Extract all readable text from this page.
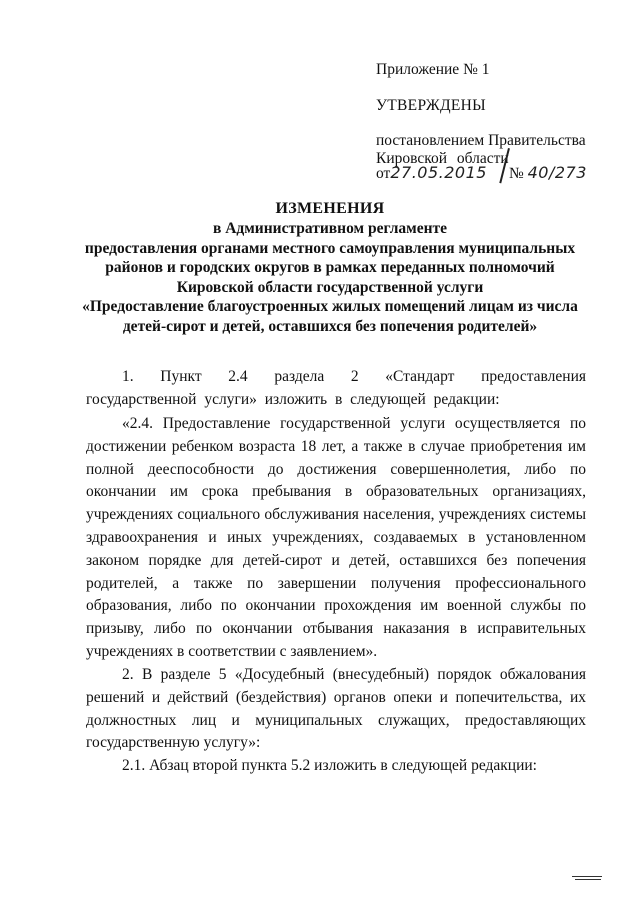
Приложение № 1
УТВЕРЖДЕНЫ
постановлением Правительства
Кировской области
от27.05.2015 № 40/273
ИЗМЕНЕНИЯ
в Административном регламенте
предоставления органами местного самоуправления муниципальных
районов и городских округов в рамках переданных полномочий
Кировской области государственной услуги
«Предоставление благоустроенных жилых помещений лицам из числа
детей-сирот и детей, оставшихся без попечения родителей»
1. Пункт 2.4 раздела 2 «Стандарт предоставления государственной услуги» изложить в следующей редакции:
«2.4. Предоставление государственной услуги осуществляется по достижении ребенком возраста 18 лет, а также в случае приобретения им полной дееспособности до достижения совершеннолетия, либо по окончании им срока пребывания в образовательных организациях, учреждениях социального обслуживания населения, учреждениях системы здравоохранения и иных учреждениях, создаваемых в установленном законом порядке для детей-сирот и детей, оставшихся без попечения родителей, а также по завершении получения профессионального образования, либо по окончании прохождения им военной службы по призыву, либо по окончании отбывания наказания в исправительных учреждениях в соответствии с заявлением».
2. В разделе 5 «Досудебный (внесудебный) порядок обжалования решений и действий (бездействия) органов опеки и попечительства, их должностных лиц и муниципальных служащих, предоставляющих государственную услугу»:
2.1. Абзац второй пункта 5.2 изложить в следующей редакции:
